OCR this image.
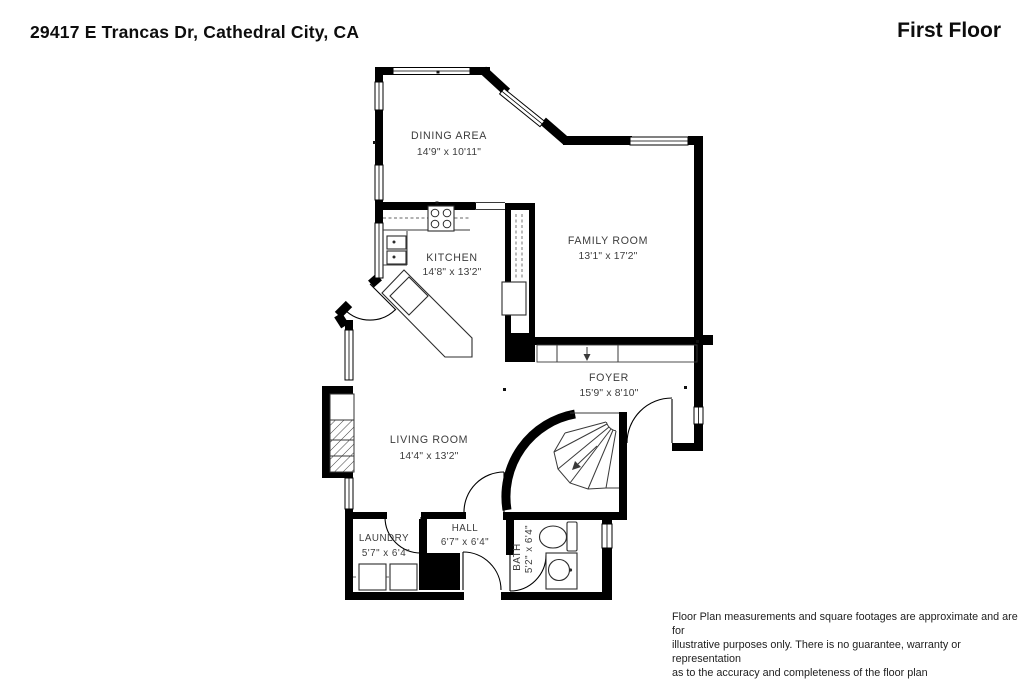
29417 E Trancas Dr, Cathedral City, CA	First Floor
DINING AREA
14'9" x 10'11"
KITCHEN
14'8" x 13'2"
FAMILY ROOM
13'1" x 17'2"
FOYER
15'9" x 8'10"
LIVING ROOM
14'4" x 13'2"
LAUNDRY
5'7" x 6'4"
HALL
6'7" x 6'4"
BATH 5'2" x 6'4"
Floor Plan measurements and square footages are approximate and are for
illustrative purposes only. There is no guarantee, warranty or representation
as to the accuracy and completeness of the floor plan
